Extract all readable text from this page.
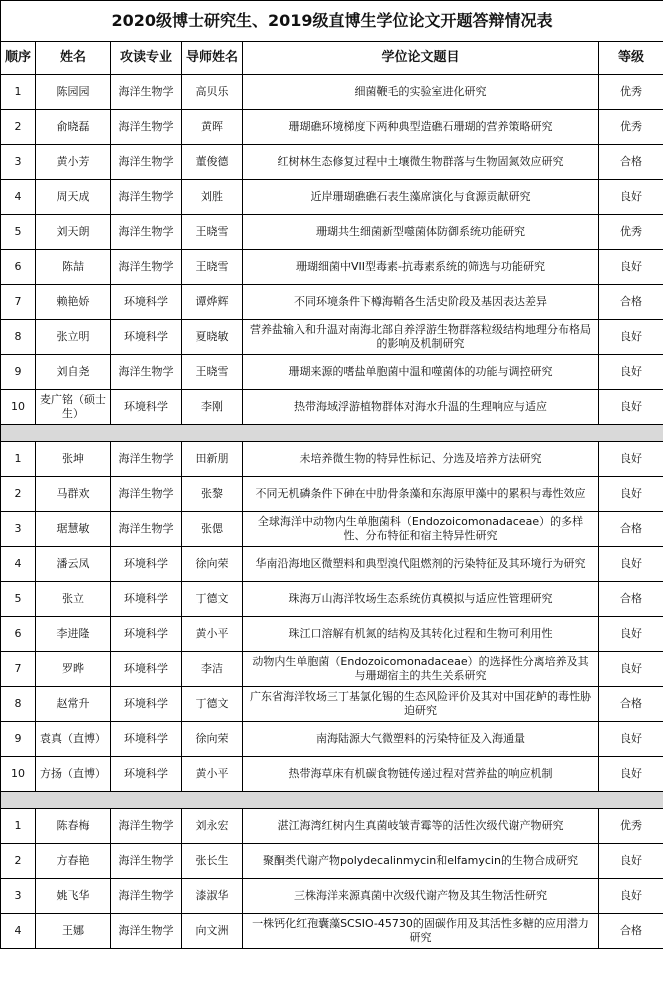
2020级博士研究生、2019级直博生学位论文开题答辩情况表					
顺序	姓名	攻读专业	导师姓名	学位论文题目	等级
1	陈园园	海洋生物学	高贝乐	细菌鞭毛的实验室进化研究	优秀
2	俞晓磊	海洋生物学	黄晖	珊瑚礁环境梯度下两种典型造礁石珊瑚的营养策略研究	优秀
3	黄小芳	海洋生物学	董俊德	红树林生态修复过程中土壤微生物群落与生物固氮效应研究	合格
4	周天成	海洋生物学	刘胜	近岸珊瑚礁礁石表生藻席演化与食源贡献研究	良好
5	刘天朗	海洋生物学	王晓雪	珊瑚共生细菌新型噬菌体防御系统功能研究	优秀
6	陈喆	海洋生物学	王晓雪	珊瑚细菌中VII型毒素-抗毒素系统的筛选与功能研究	良好
7	赖艳娇	环境科学	谭烨辉	不同环境条件下樽海鞘各生活史阶段及基因表达差异	合格
8	张立明	环境科学	夏晓敏	营养盐输入和升温对南海北部自养浮游生物群落粒级结构地理分布格局的影响及机制研究	良好
9	刘自尧	海洋生物学	王晓雪	珊瑚来源的嗜盐单胞菌中温和噬菌体的功能与调控研究	良好
10	麦广铭（硕士生）	环境科学	李刚	热带海域浮游植物群体对海水升温的生理响应与适应	良好

1	张坤	海洋生物学	田新朋	未培养微生物的特异性标记、分选及培养方法研究	良好
2	马群欢	海洋生物学	张黎	不同无机磷条件下砷在中肋骨条藻和东海原甲藻中的累积与毒性效应	良好
3	琚慧敏	海洋生物学	张偲	全球海洋中动物内生单胞菌科（Endozoicomonadaceae）的多样性、分布特征和宿主特异性研究	合格
4	潘云凤	环境科学	徐向荣	华南沿海地区微塑料和典型溴代阻燃剂的污染特征及其环境行为研究	良好
5	张立	环境科学	丁德文	珠海万山海洋牧场生态系统仿真模拟与适应性管理研究	合格
6	李进隆	环境科学	黄小平	珠江口溶解有机氮的结构及其转化过程和生物可利用性	良好
7	罗晔	环境科学	李洁	动物内生单胞菌（Endozoicomonadaceae）的选择性分离培养及其与珊瑚宿主的共生关系研究	良好
8	赵常升	环境科学	丁德文	广东省海洋牧场三丁基氯化锡的生态风险评价及其对中国花鲈的毒性胁迫研究	合格
9	袁真（直博）	环境科学	徐向荣	南海陆源大气微塑料的污染特征及入海通量	良好
10	方扬（直博）	环境科学	黄小平	热带海草床有机碳食物链传递过程对营养盐的响应机制	良好

1	陈春梅	海洋生物学	刘永宏	湛江海湾红树内生真菌岐皱青霉等的活性次级代谢产物研究	优秀
2	方春艳	海洋生物学	张长生	聚酮类代谢产物polydecalinmycin和elfamycin的生物合成研究	良好
3	姚飞华	海洋生物学	漆淑华	三株海洋来源真菌中次级代谢产物及其生物活性研究	良好
4	王娜	海洋生物学	向文洲	一株钙化红孢囊藻SCSIO-45730的固碳作用及其活性多糖的应用潜力研究	合格
